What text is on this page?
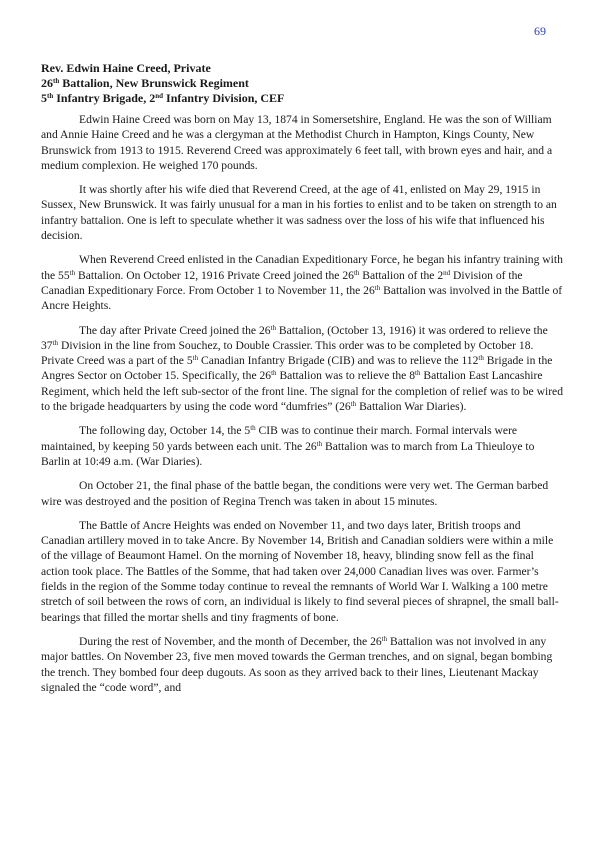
69
Rev. Edwin Haine Creed, Private
26th Battalion, New Brunswick Regiment
5th Infantry Brigade, 2nd Infantry Division, CEF

Edwin Haine Creed was born on May 13, 1874 in Somersetshire, England. He was the son of William and Annie Haine Creed and he was a clergyman at the Methodist Church in Hampton, Kings County, New Brunswick from 1913 to 1915. Reverend Creed was approximately 6 feet tall, with brown eyes and hair, and a medium complexion. He weighed 170 pounds.

It was shortly after his wife died that Reverend Creed, at the age of 41, enlisted on May 29, 1915 in Sussex, New Brunswick. It was fairly unusual for a man in his forties to enlist and to be taken on strength to an infantry battalion. One is left to speculate whether it was sadness over the loss of his wife that influenced his decision.

When Reverend Creed enlisted in the Canadian Expeditionary Force, he began his infantry training with the 55th Battalion. On October 12, 1916 Private Creed joined the 26th Battalion of the 2nd Division of the Canadian Expeditionary Force. From October 1 to November 11, the 26th Battalion was involved in the Battle of Ancre Heights.

The day after Private Creed joined the 26th Battalion, (October 13, 1916) it was ordered to relieve the 37th Division in the line from Souchez, to Double Crassier. This order was to be completed by October 18. Private Creed was a part of the 5th Canadian Infantry Brigade (CIB) and was to relieve the 112th Brigade in the Angres Sector on October 15. Specifically, the 26th Battalion was to relieve the 8th Battalion East Lancashire Regiment, which held the left sub-sector of the front line. The signal for the completion of relief was to be wired to the brigade headquarters by using the code word “dumfries” (26th Battalion War Diaries).

The following day, October 14, the 5th CIB was to continue their march. Formal intervals were maintained, by keeping 50 yards between each unit. The 26th Battalion was to march from La Thieuloye to Barlin at 10:49 a.m. (War Diaries).

On October 21, the final phase of the battle began, the conditions were very wet. The German barbed wire was destroyed and the position of Regina Trench was taken in about 15 minutes.

The Battle of Ancre Heights was ended on November 11, and two days later, British troops and Canadian artillery moved in to take Ancre. By November 14, British and Canadian soldiers were within a mile of the village of Beaumont Hamel. On the morning of November 18, heavy, blinding snow fell as the final action took place. The Battles of the Somme, that had taken over 24,000 Canadian lives was over. Farmer’s fields in the region of the Somme today continue to reveal the remnants of World War I. Walking a 100 metre stretch of soil between the rows of corn, an individual is likely to find several pieces of shrapnel, the small ball-bearings that filled the mortar shells and tiny fragments of bone.

During the rest of November, and the month of December, the 26th Battalion was not involved in any major battles. On November 23, five men moved towards the German trenches, and on signal, began bombing the trench. They bombed four deep dugouts. As soon as they arrived back to their lines, Lieutenant Mackay signaled the “code word”, and
